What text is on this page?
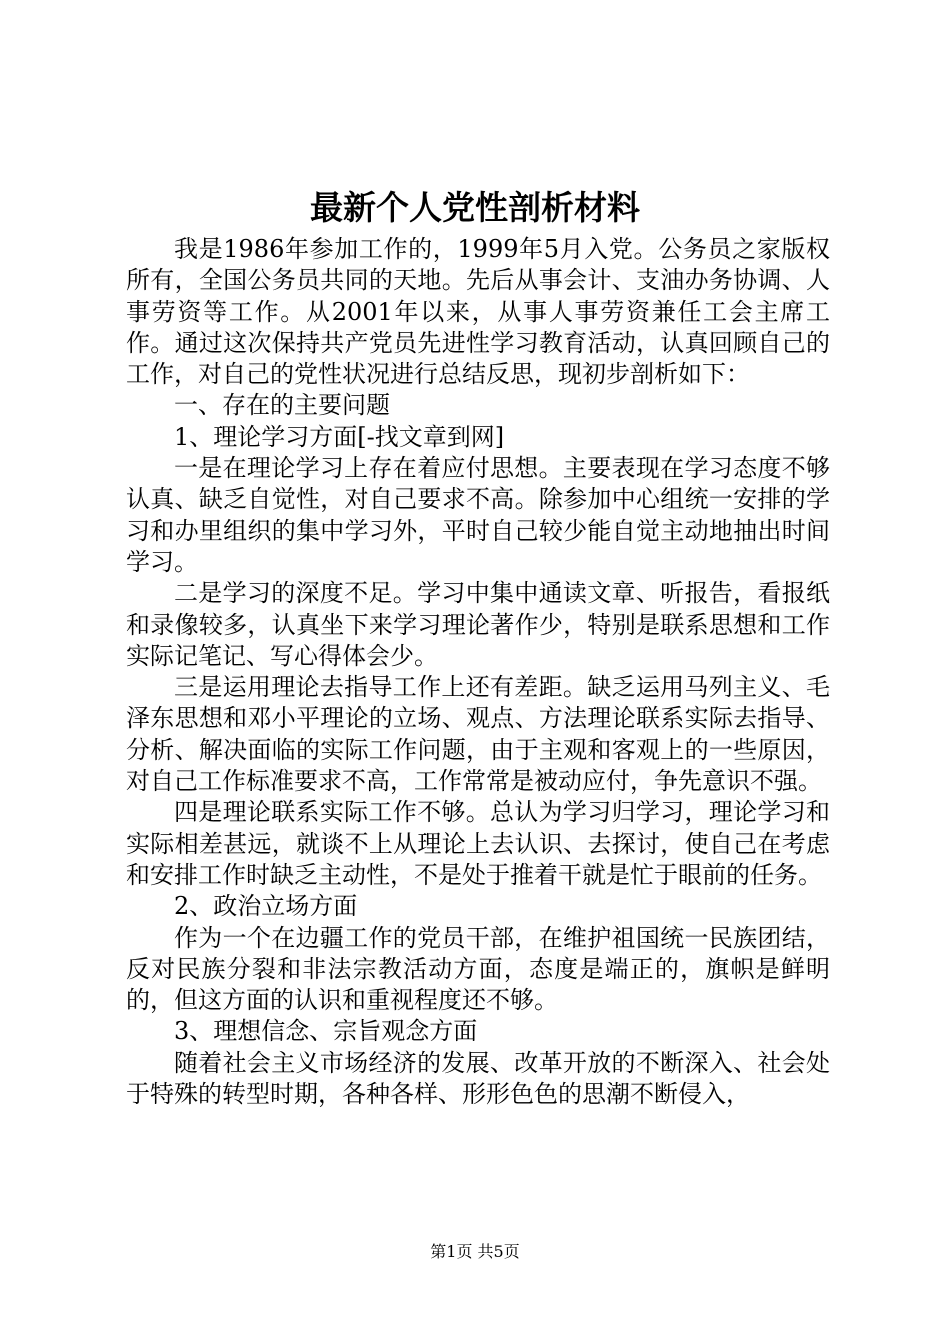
最新个人党性剖析材料

我是1986年参加工作的，1999年5月入党。公务员之家版权所有，全国公务员共同的天地。先后从事会计、支油办务协调、人事劳资等工作。从2001年以来，从事人事劳资兼任工会主席工作。通过这次保持共产党员先进性学习教育活动，认真回顾自己的工作，对自己的党性状况进行总结反思，现初步剖析如下：

一、存在的主要问题

1、理论学习方面[-找文章到网]

一是在理论学习上存在着应付思想。主要表现在学习态度不够认真、缺乏自觉性，对自己要求不高。除参加中心组统一安排的学习和办里组织的集中学习外，平时自己较少能自觉主动地抽出时间学习。

二是学习的深度不足。学习中集中通读文章、听报告，看报纸和录像较多，认真坐下来学习理论著作少，特别是联系思想和工作实际记笔记、写心得体会少。

三是运用理论去指导工作上还有差距。缺乏运用马列主义、毛泽东思想和邓小平理论的立场、观点、方法理论联系实际去指导、分析、解决面临的实际工作问题，由于主观和客观上的一些原因，对自己工作标准要求不高，工作常常是被动应付，争先意识不强。

四是理论联系实际工作不够。总认为学习归学习，理论学习和实际相差甚远，就谈不上从理论上去认识、去探讨，使自己在考虑和安排工作时缺乏主动性，不是处于推着干就是忙于眼前的任务。

2、政治立场方面

作为一个在边疆工作的党员干部，在维护祖国统一民族团结，反对民族分裂和非法宗教活动方面，态度是端正的，旗帜是鲜明的，但这方面的认识和重视程度还不够。

3、理想信念、宗旨观念方面

随着社会主义市场经济的发展、改革开放的不断深入、社会处于特殊的转型时期，各种各样、形形色色的思潮不断侵入，

第1页 共5页
